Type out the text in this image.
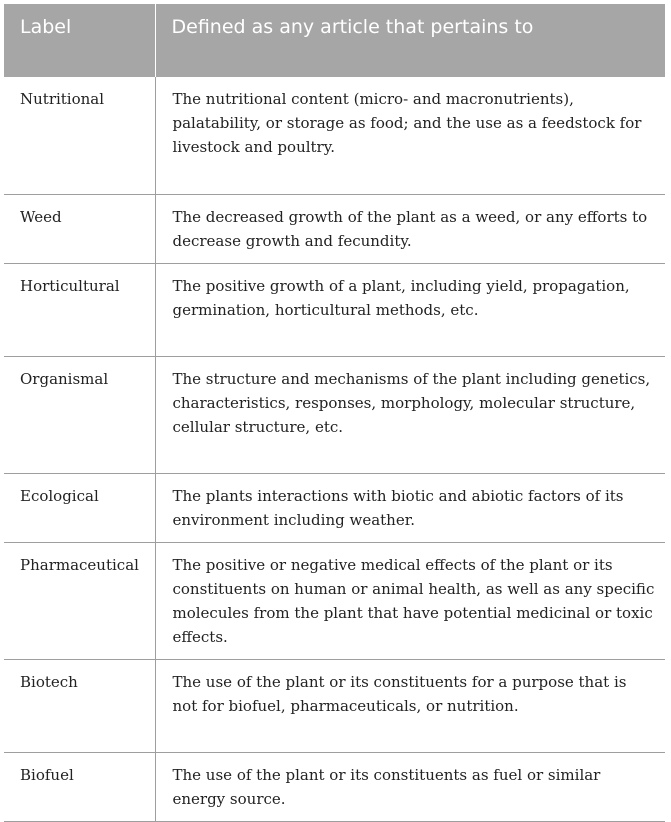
Label	Defined as any article that pertains to
Nutritional	The nutritional content (micro- and macronutrients), palatability, or storage as food; and the use as a feedstock for livestock and poultry.
Weed	The decreased growth of the plant as a weed, or any efforts to decrease growth and fecundity.
Horticultural	The positive growth of a plant, including yield, propagation, germination, horticultural methods, etc.
Organismal	The structure and mechanisms of the plant including genetics, characteristics, responses, morphology, molecular structure, cellular structure, etc.
Ecological	The plants interactions with biotic and abiotic factors of its environment including weather.
Pharmaceutical	The positive or negative medical effects of the plant or its constituents on human or animal health, as well as any specific molecules from the plant that have potential medicinal or toxic effects.
Biotech	The use of the plant or its constituents for a purpose that is not for biofuel, pharmaceuticals, or nutrition.
Biofuel	The use of the plant or its constituents as fuel or similar energy source.
